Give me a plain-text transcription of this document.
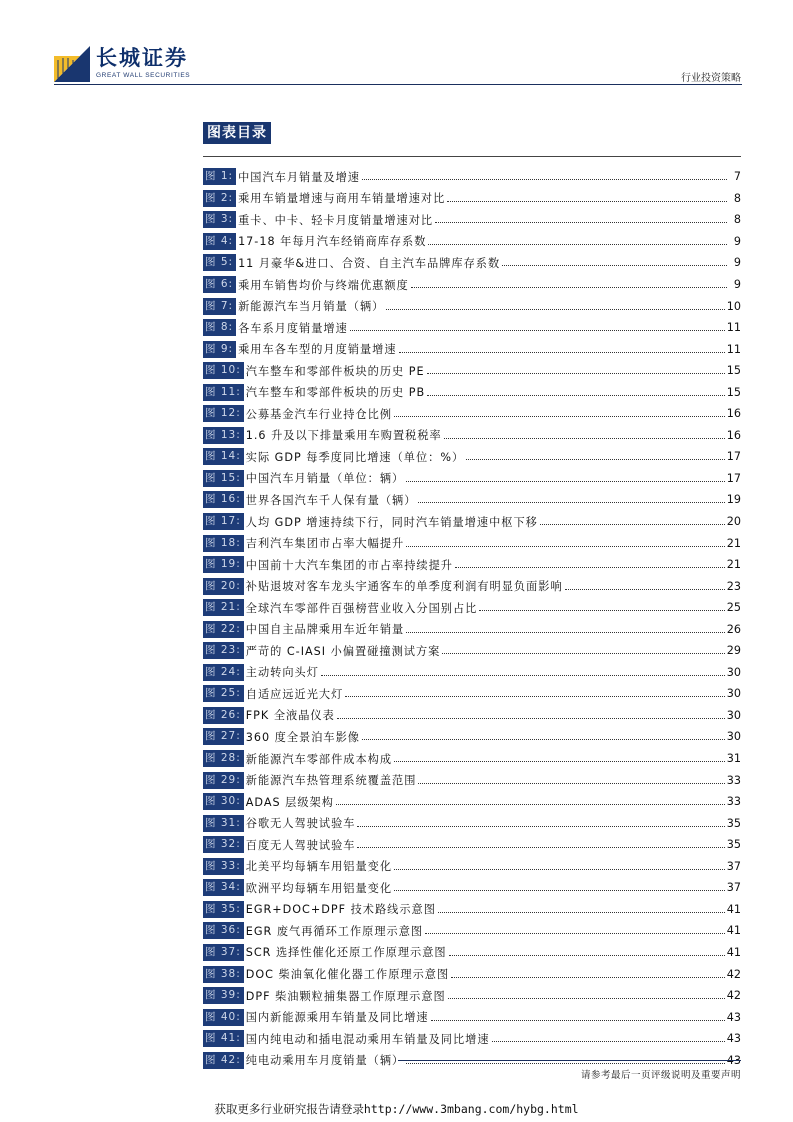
长城证券
GREAT WALL SECURITIES	行业投资策略
图表目录
图 1: 中国汽车月销量及增速	7
图 2: 乘用车销量增速与商用车销量增速对比	8
图 3: 重卡、中卡、轻卡月度销量增速对比	8
图 4: 17-18 年每月汽车经销商库存系数	9
图 5: 11 月豪华&进口、合资、自主汽车品牌库存系数	9
图 6: 乘用车销售均价与终端优惠额度	9
图 7: 新能源汽车当月销量（辆）	10
图 8: 各车系月度销量增速	11
图 9: 乘用车各车型的月度销量增速	11
图 10: 汽车整车和零部件板块的历史 PE	15
图 11: 汽车整车和零部件板块的历史 PB	15
图 12: 公募基金汽车行业持仓比例	16
图 13: 1.6 升及以下排量乘用车购置税税率	16
图 14: 实际 GDP 每季度同比增速（单位：%）	17
图 15: 中国汽车月销量（单位：辆）	17
图 16: 世界各国汽车千人保有量（辆）	19
图 17: 人均 GDP 增速持续下行，同时汽车销量增速中枢下移	20
图 18: 吉利汽车集团市占率大幅提升	21
图 19: 中国前十大汽车集团的市占率持续提升	21
图 20: 补贴退坡对客车龙头宇通客车的单季度利润有明显负面影响	23
图 21: 全球汽车零部件百强榜营业收入分国别占比	25
图 22: 中国自主品牌乘用车近年销量	26
图 23: 严苛的 C-IASI 小偏置碰撞测试方案	29
图 24: 主动转向头灯	30
图 25: 自适应远近光大灯	30
图 26: FPK 全液晶仪表	30
图 27: 360 度全景泊车影像	30
图 28: 新能源汽车零部件成本构成	31
图 29: 新能源汽车热管理系统覆盖范围	33
图 30: ADAS 层级架构	33
图 31: 谷歌无人驾驶试验车	35
图 32: 百度无人驾驶试验车	35
图 33: 北美平均每辆车用铝量变化	37
图 34: 欧洲平均每辆车用铝量变化	37
图 35: EGR+DOC+DPF 技术路线示意图	41
图 36: EGR 废气再循环工作原理示意图	41
图 37: SCR 选择性催化还原工作原理示意图	41
图 38: DOC 柴油氧化催化器工作原理示意图	42
图 39: DPF 柴油颗粒捕集器工作原理示意图	42
图 40: 国内新能源乘用车销量及同比增速	43
图 41: 国内纯电动和插电混动乘用车销量及同比增速	43
图 42: 纯电动乘用车月度销量（辆）	43
请参考最后一页评级说明及重要声明
获取更多行业研究报告请登录http://www.3mbang.com/hybg.html
